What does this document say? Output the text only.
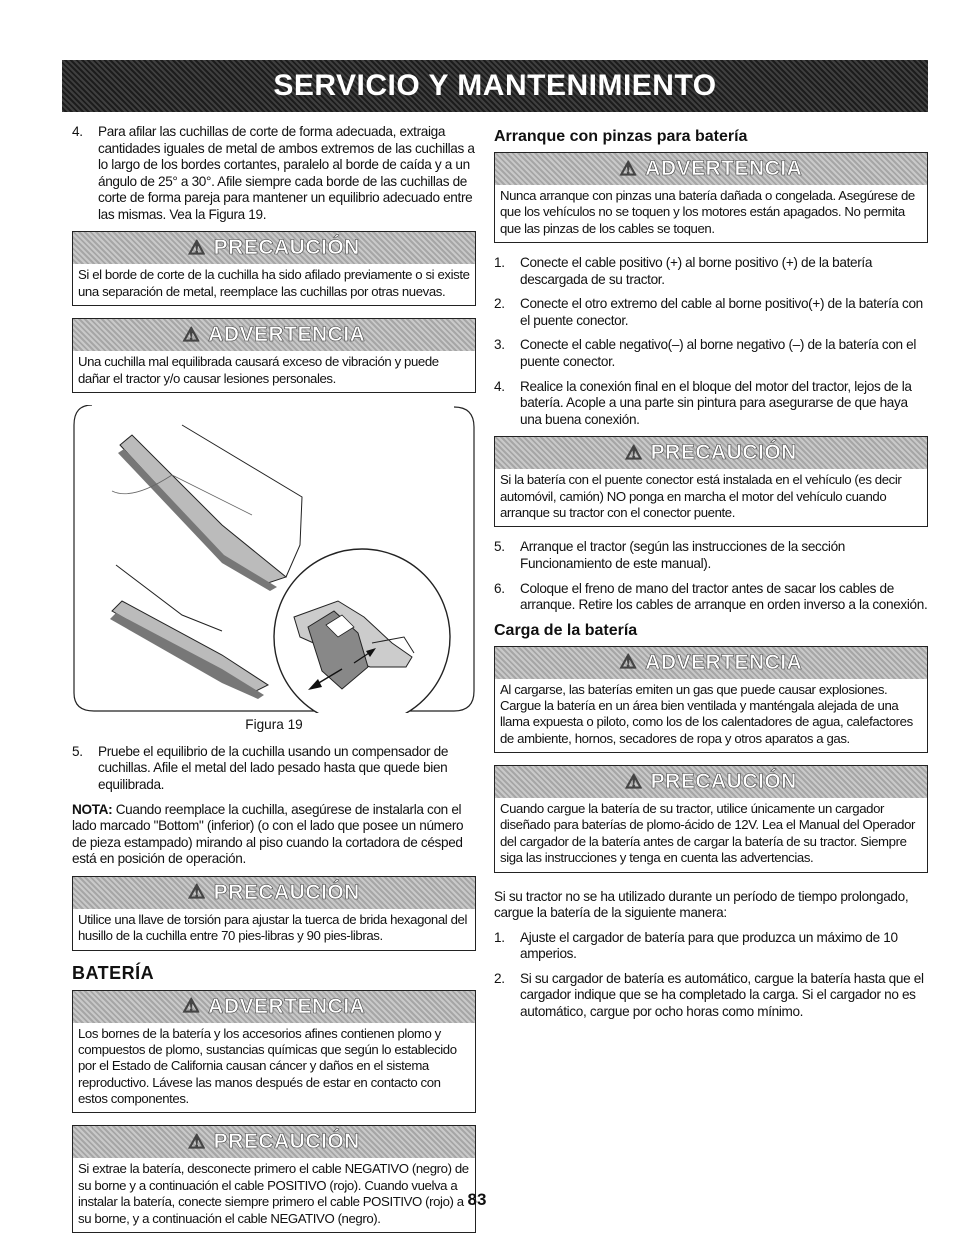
SERVICIO Y MANTENIMIENTO
4.	Para afilar las cuchillas de corte de forma adecuada, extraiga cantidades iguales de metal de ambos extremos de las cuchillas a lo largo de los bordes cortantes, paralelo al borde de caída y a un ángulo de 25° a 30°. Afile siempre cada borde de las cuchillas de corte de forma pareja para mantener un equilibrio adecuado entre las mismas. Vea la Figura 19.
⚠ PRECAUCIÓN
Si el borde de corte de la cuchilla ha sido afilado previamente o si existe una separación de metal, reemplace las cuchillas por otras nuevas.
⚠ ADVERTENCIA
Una cuchilla mal equilibrada causará exceso de vibración y puede dañar el tractor y/o causar lesiones personales.
Figura 19
5.	Pruebe el equilibrio de la cuchilla usando un compensador de cuchillas. Afile el metal del lado pesado hasta que quede bien equilibrada.
NOTA: Cuando reemplace la cuchilla, asegúrese de instalarla con el lado marcado "Bottom" (inferior) (o con el lado que posee un número de pieza estampado) mirando al piso cuando la cortadora de césped está en posición de operación.
⚠ PRECAUCIÓN
Utilice una llave de torsión para ajustar la tuerca de brida hexagonal del husillo de la cuchilla entre 70 pies-libras y 90 pies-libras.
BATERÍA
⚠ ADVERTENCIA
Los bornes de la batería y los accesorios afines contienen plomo y compuestos de plomo, sustancias químicas que según lo establecido por el Estado de California causan cáncer y daños en el sistema reproductivo. Lávese las manos después de estar en contacto con estos componentes.
⚠ PRECAUCIÓN
Si extrae la batería, desconecte primero el cable NEGATIVO (negro) de su borne y a continuación el cable POSITIVO (rojo). Cuando vuelva a instalar la batería, conecte siempre primero el cable POSITIVO (rojo) a su borne, y a continuación el cable NEGATIVO (negro).
Arranque con pinzas para batería
⚠ ADVERTENCIA
Nunca arranque con pinzas una batería dañada o congelada. Asegúrese de que los vehículos no se toquen y los motores están apagados. No permita que las pinzas de los cables se toquen.
1.	Conecte el cable positivo (+) al borne positivo (+) de la batería descargada de su tractor.
2.	Conecte el otro extremo del cable al borne positivo(+) de la batería con el puente conector.
3.	Conecte el cable negativo(–) al borne negativo (–) de la batería con el puente conector.
4.	Realice la conexión final en el bloque del motor del tractor, lejos de la batería. Acople a una parte sin pintura para asegurarse de que haya una buena conexión.
⚠ PRECAUCIÓN
Si la batería con el puente conector está instalada en el vehículo (es decir automóvil, camión) NO ponga en marcha el motor del vehículo cuando arranque su tractor con el conector puente.
5.	Arranque el tractor (según las instrucciones de la sección Funcionamiento de este manual).
6.	Coloque el freno de mano del tractor antes de sacar los cables de arranque. Retire los cables de arranque en orden inverso a la conexión.
Carga de la batería
⚠ ADVERTENCIA
Al cargarse, las baterías emiten un gas que puede causar explosiones. Cargue la batería en un área bien ventilada y manténgala alejada de una llama expuesta o piloto, como los de los calentadores de agua, calefactores de ambiente, hornos, secadores de ropa y otros aparatos a gas.
⚠ PRECAUCIÓN
Cuando cargue la batería de su tractor, utilice únicamente un cargador diseñado para baterías de plomo-ácido de 12V. Lea el Manual del Operador del cargador de la batería antes de cargar la batería de su tractor. Siempre siga las instrucciones y tenga en cuenta las advertencias.
Si su tractor no se ha utilizado durante un período de tiempo prolongado, cargue la batería de la siguiente manera:
1.	Ajuste el cargador de batería para que produzca un máximo de 10 amperios.
2.	Si su cargador de batería es automático, cargue la batería hasta que el cargador indique que se ha completado la carga. Si el cargador no es automático, cargue por ocho horas como mínimo.
83
